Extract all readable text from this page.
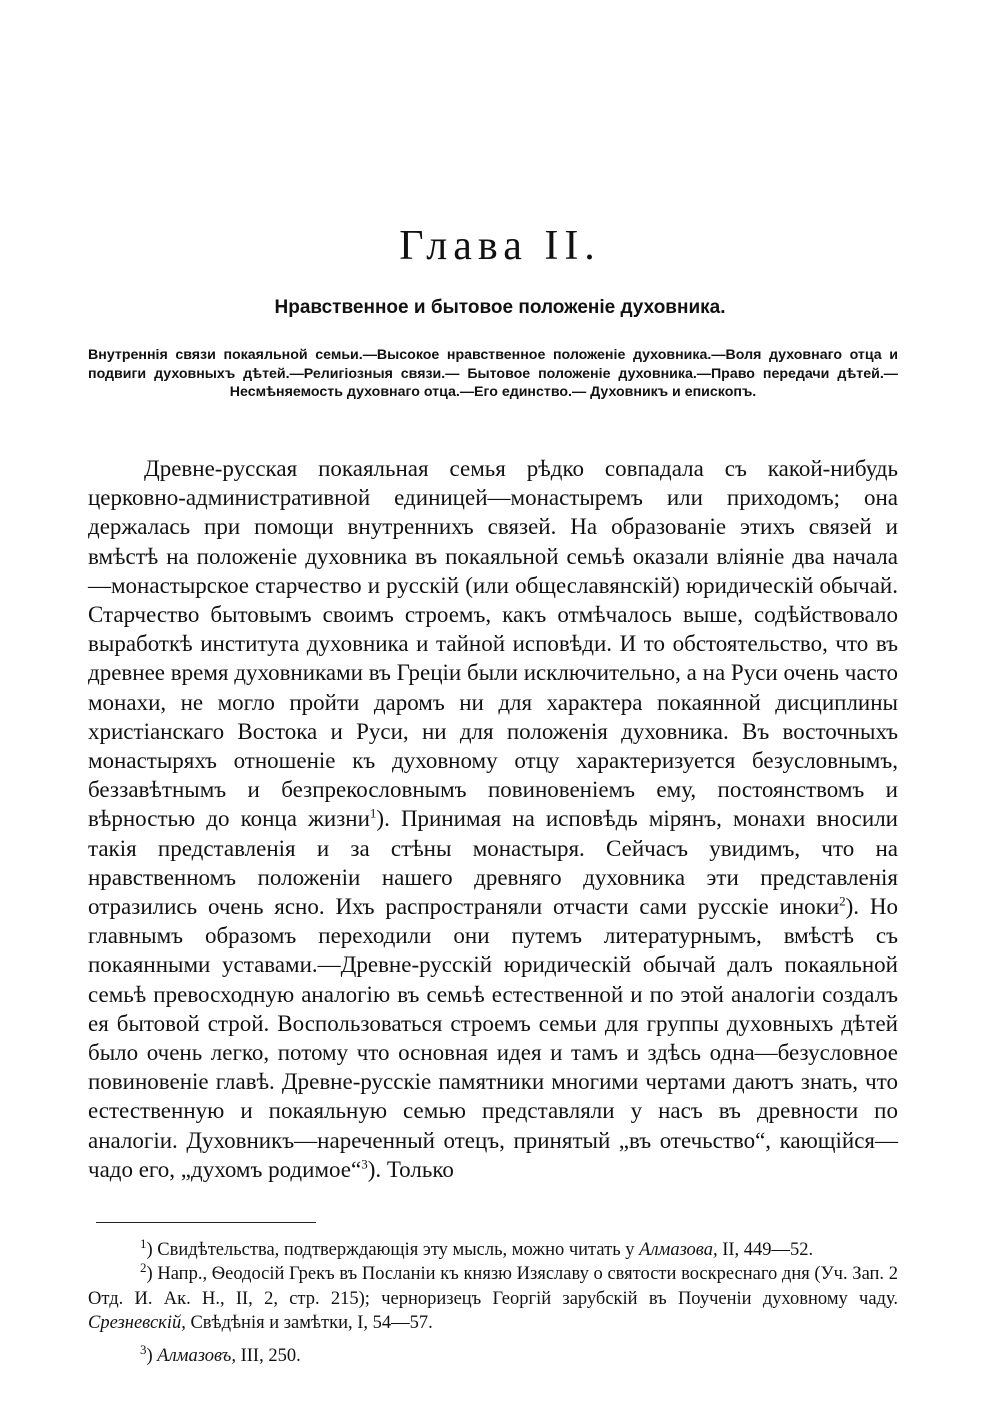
Глава II.
Нравственное и бытовое положеніе духовника.
Внутреннія связи покаяльной семьи.—Высокое нравственное положеніе духовника.—Воля духовнаго отца и подвиги духовныхъ дѣтей.—Религіозныя связи.— Бытовое положеніе духовника.—Право передачи дѣтей.—Несмѣняемость духовнаго отца.—Его единство.— Духовникъ и епископъ.
Древне-русская покаяльная семья рѣдко совпадала съ какой-нибудь церковно-административной единицей—монастыремъ или приходомъ; она держалась при помощи внутреннихъ связей. На образованіе этихъ связей и вмѣстѣ на положеніе духовника въ покаяльной семьѣ оказали вліяніе два начала—монастырское старчество и русскій (или общеславянскій) юридическій обычай. Старчество бытовымъ своимъ строемъ, какъ отмѣчалось выше, содѣйствовало выработкѣ института духовника и тайной исповѣди. И то обстоятельство, что въ древнее время духовниками въ Греціи были исключительно, а на Руси очень часто монахи, не могло пройти даромъ ни для характера покаянной дисциплины христіанскаго Востока и Руси, ни для положенія духовника. Въ восточныхъ монастыряхъ отношеніе къ духовному отцу характеризуется безусловнымъ, беззавѣтнымъ и безпрекословнымъ повиновеніемъ ему, постоянствомъ и вѣрностью до конца жизни$^1$). Принимая на исповѣдь мірянъ, монахи вносили такія представленія и за стѣны монастыря. Сейчасъ увидимъ, что на нравственномъ положеніи нашего древняго духовника эти представленія отразились очень ясно. Ихъ распространяли отчасти сами русскіе иноки$^2$). Но главнымъ образомъ переходили они путемъ литературнымъ, вмѣстѣ съ покаянными уставами.—Древне-русскій юридическій обычай далъ покаяльной семьѣ превосходную аналогію въ семьѣ естественной и по этой аналогіи создалъ ея бытовой строй. Воспользоваться строемъ семьи для группы духовныхъ дѣтей было очень легко, потому что основная идея и тамъ и здѣсь одна—безусловное повиновеніе главѣ. Древне-русскіе памятники многими чертами даютъ знать, что естественную и покаяльную семью представляли у насъ въ древности по аналогіи. Духовникъ—нареченный отецъ, принятый „въ отечьство“, кающійся—чадо его, „духомъ родимое“$^3$). Только

$^1$) Свидѣтельства, подтверждающія эту мысль, можно читать у Алмазова, II, 449—52.

$^2$) Напр., Ѳеодосій Грекъ въ Посланіи къ князю Изяславу о святости воскреснаго дня (Уч. Зап. 2 Отд. И. Ак. Н., II, 2, стр. 215); черноризецъ Георгій зарубскій въ Поученіи духовному чаду. Срезневскій, Свѣдѣнія и замѣтки, I, 54—57.

$^3$) Алмазовъ, III, 250.
